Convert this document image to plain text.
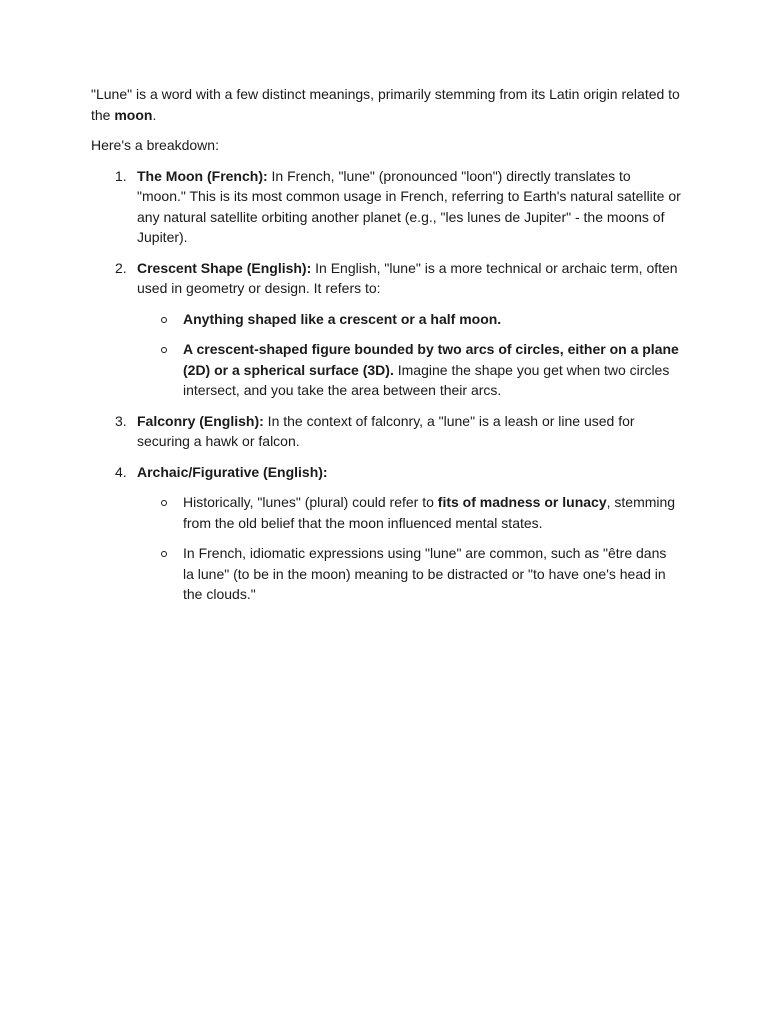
"Lune" is a word with a few distinct meanings, primarily stemming from its Latin origin related to the moon.

Here's a breakdown:

1. The Moon (French): In French, "lune" (pronounced "loon") directly translates to "moon." This is its most common usage in French, referring to Earth's natural satellite or any natural satellite orbiting another planet (e.g., "les lunes de Jupiter" - the moons of Jupiter).
2. Crescent Shape (English): In English, "lune" is a more technical or archaic term, often used in geometry or design. It refers to:
Anything shaped like a crescent or a half moon.
A crescent-shaped figure bounded by two arcs of circles, either on a plane (2D) or a spherical surface (3D). Imagine the shape you get when two circles intersect, and you take the area between their arcs.
3. Falconry (English): In the context of falconry, a "lune" is a leash or line used for securing a hawk or falcon.
4. Archaic/Figurative (English):
Historically, "lunes" (plural) could refer to fits of madness or lunacy, stemming from the old belief that the moon influenced mental states.
In French, idiomatic expressions using "lune" are common, such as "être dans la lune" (to be in the moon) meaning to be distracted or "to have one's head in the clouds."
